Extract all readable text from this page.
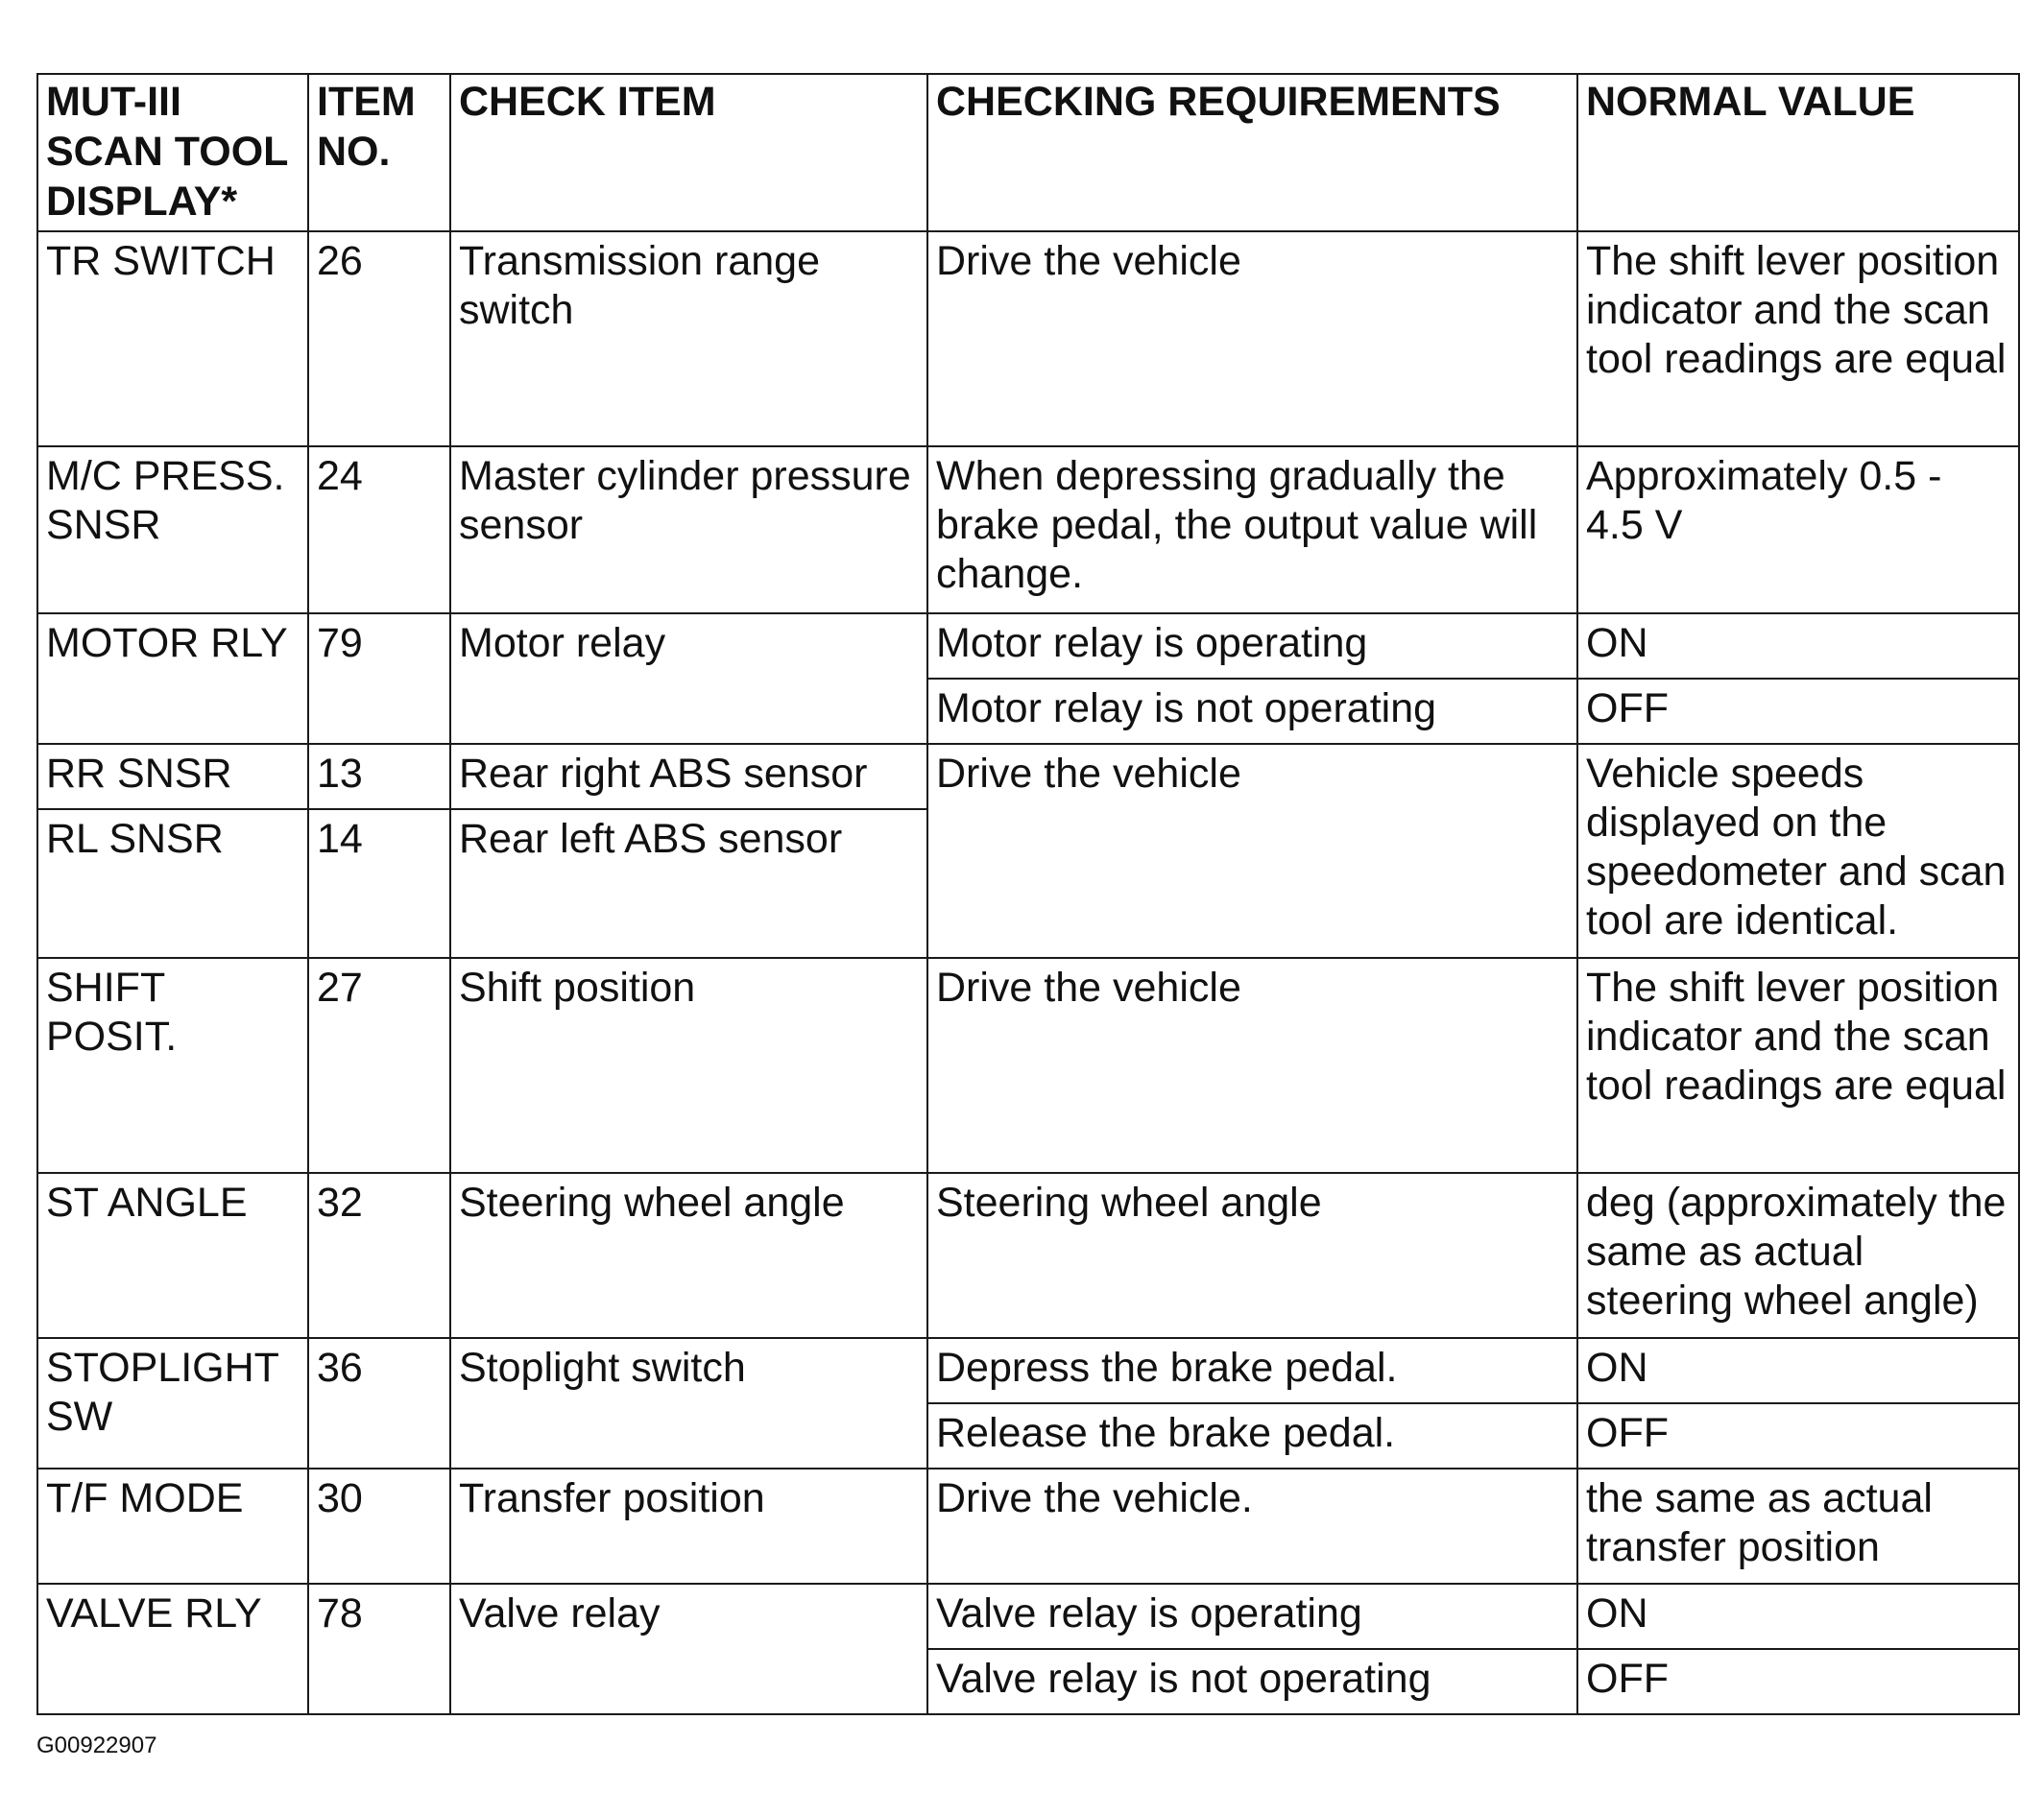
MUT-III SCAN TOOL DISPLAY*	ITEM NO.	CHECK ITEM	CHECKING REQUIREMENTS	NORMAL VALUE
TR SWITCH	26	Transmission range switch	Drive the vehicle	The shift lever position indicator and the scan tool readings are equal
M/C PRESS. SNSR	24	Master cylinder pressure sensor	When depressing gradually the brake pedal, the output value will change.	Approximately 0.5 - 4.5 V
MOTOR RLY	79	Motor relay	Motor relay is operating	ON
			Motor relay is not operating	OFF
RR SNSR	13	Rear right ABS sensor	Drive the vehicle	Vehicle speeds displayed on the speedometer and scan tool are identical.
RL SNSR	14	Rear left ABS sensor		
SHIFT POSIT.	27	Shift position	Drive the vehicle	The shift lever position indicator and the scan tool readings are equal
ST ANGLE	32	Steering wheel angle	Steering wheel angle	deg (approximately the same as actual steering wheel angle)
STOPLIGHT SW	36	Stoplight switch	Depress the brake pedal.	ON
			Release the brake pedal.	OFF
T/F MODE	30	Transfer position	Drive the vehicle.	the same as actual transfer position
VALVE RLY	78	Valve relay	Valve relay is operating	ON
			Valve relay is not operating	OFF
G00922907
